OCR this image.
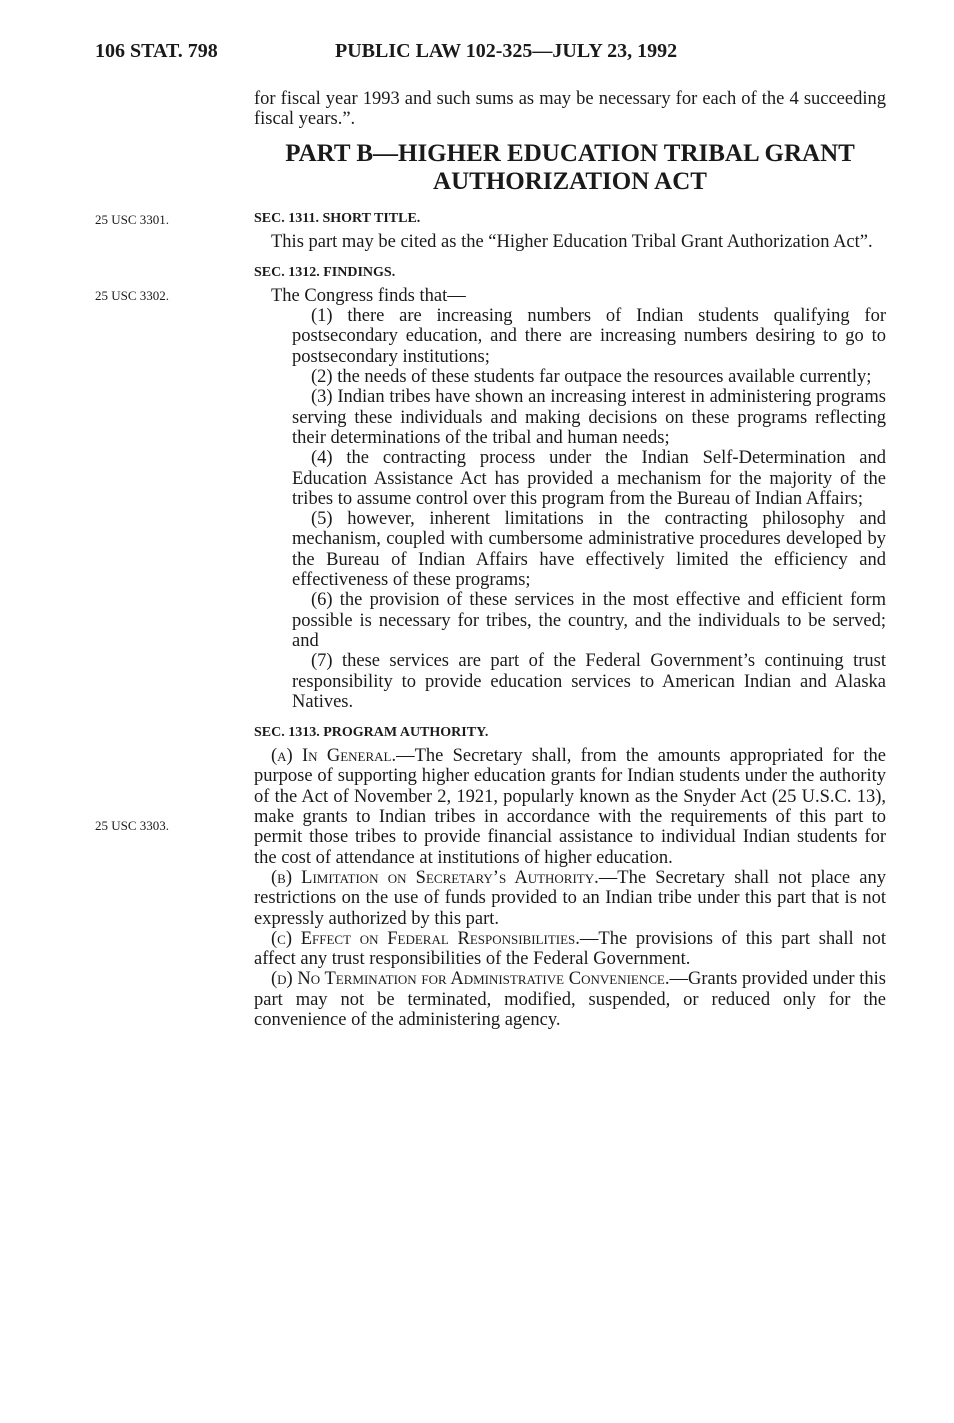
106 STAT. 798	PUBLIC LAW 102-325—JULY 23, 1992
25 USC 3301.
25 USC 3302.
25 USC 3303.

for fiscal year 1993 and such sums as may be necessary for each of the 4 succeeding fiscal years.”.

PART B—HIGHER EDUCATION TRIBAL GRANT
AUTHORIZATION ACT
SEC. 1311. SHORT TITLE.

This part may be cited as the “Higher Education Tribal Grant Authorization Act”.

SEC. 1312. FINDINGS.

The Congress finds that—

(1) there are increasing numbers of Indian students qualifying for postsecondary education, and there are increasing numbers desiring to go to postsecondary institutions;

(2) the needs of these students far outpace the resources available currently;

(3) Indian tribes have shown an increasing interest in administering programs serving these individuals and making decisions on these programs reflecting their determinations of the tribal and human needs;

(4) the contracting process under the Indian Self-Determination and Education Assistance Act has provided a mechanism for the majority of the tribes to assume control over this program from the Bureau of Indian Affairs;

(5) however, inherent limitations in the contracting philosophy and mechanism, coupled with cumbersome administrative procedures developed by the Bureau of Indian Affairs have effectively limited the efficiency and effectiveness of these programs;

(6) the provision of these services in the most effective and efficient form possible is necessary for tribes, the country, and the individuals to be served; and

(7) these services are part of the Federal Government’s continuing trust responsibility to provide education services to American Indian and Alaska Natives.

SEC. 1313. PROGRAM AUTHORITY.

(a) In General.—The Secretary shall, from the amounts appropriated for the purpose of supporting higher education grants for Indian students under the authority of the Act of November 2, 1921, popularly known as the Snyder Act (25 U.S.C. 13), make grants to Indian tribes in accordance with the requirements of this part to permit those tribes to provide financial assistance to individual Indian students for the cost of attendance at institutions of higher education.

(b) Limitation on Secretary’s Authority.—The Secretary shall not place any restrictions on the use of funds provided to an Indian tribe under this part that is not expressly authorized by this part.

(c) Effect on Federal Responsibilities.—The provisions of this part shall not affect any trust responsibilities of the Federal Government.

(d) No Termination for Administrative Convenience.—Grants provided under this part may not be terminated, modified, suspended, or reduced only for the convenience of the administering agency.
